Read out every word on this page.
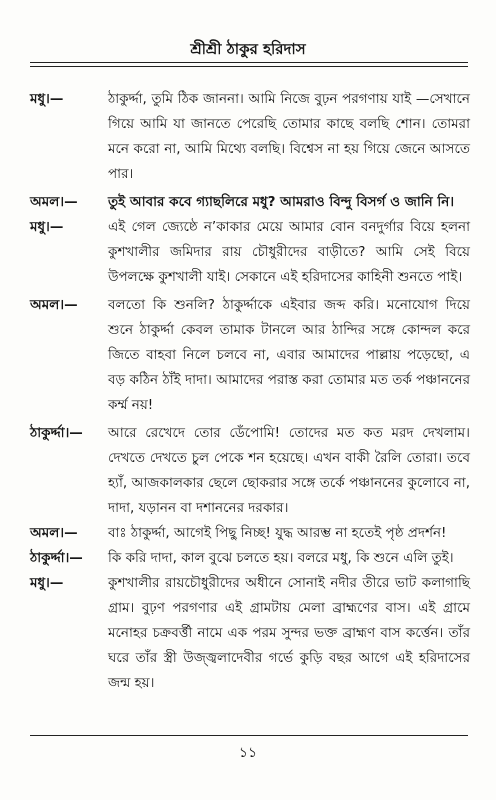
শ্রীশ্রী ঠাকুর হরিদাস
মধু।—	ঠাকুর্দ্দা, তুমি ঠিক জাননা। আমি নিজে বুঢ়ন পরগণায় যাই —সেখানে গিয়ে আমি যা জানতে পেরেছি তোমার কাছে বলছি শোন। তোমরা মনে করো না, আমি মিথ্যে বলছি। বিশ্বেস না হয় গিয়ে জেনে আসতে পার।
অমল।—	তুই আবার কবে গ্যাছলিরে মধু? আমরাও বিন্দু বিসর্গ ও জানি নি।
মধু।—	এই গেল জ্যেষ্ঠে ন’কাকার মেয়ে আমার বোন বনদুর্গার বিয়ে হলনা কুশখালীর জমিদার রায় চৌধুরীদের বাড়ীতে? আমি সেই বিয়ে উপলক্ষে কুশখালী যাই। সেকানে এই হরিদাসের কাহিনী শুনতে পাই।
অমল।—	বলতো কি শুনলি? ঠাকুর্দ্দাকে এইবার জব্দ করি। মনোযোগ দিয়ে শুনে ঠাকুর্দ্দা কেবল তামাক টানলে আর ঠান্দির সঙ্গে কোন্দল করে জিতে বাহবা নিলে চলবে না, এবার আমাদের পাল্লায় পড়েছো, এ বড় কঠিন ঠাঁই দাদা। আমাদের পরাস্ত করা তোমার মত তর্ক পঞ্চাননের কর্ম্ম নয়!
ঠাকুর্দ্দা।—	আরে রেখেদে তোর ডেঁপোমি! তোদের মত কত মরদ দেখলাম। দেখতে দেখতে চুল পেকে শন হয়েছে। এখন বাকী রৈলি তোরা। তবে হ্যাঁ, আজকালকার ছেলে ছোকরার সঙ্গে তর্কে পঞ্চাননের কুলোবে না, দাদা, যড়ানন বা দশাননের দরকার।
অমল।—	বাঃ ঠাকুর্দ্দা, আগেই পিছু নিচ্ছ! যুদ্ধ আরম্ভ না হতেই পৃষ্ঠ প্রদর্শন!
ঠাকুর্দ্দা।—	কি করি দাদা, কাল বুঝে চলতে হয়। বলরে মধু, কি শুনে এলি তুই।
মধু।—	কুশখালীর রায়চৌধুরীদের অধীনে সোনাই নদীর তীরে ভাট কলাগাছি গ্রাম। বুঢ়ণ পরগণার এই গ্রামটায় মেলা ব্রাহ্মণের বাস। এই গ্রামে মনোহর চক্রবর্ত্তী নামে এক পরম সুন্দর ভক্ত ব্রাহ্মণ বাস কর্ত্তেন। তাঁর ঘরে তাঁর স্ত্রী উজ্জ্বলাদেবীর গর্ভে কুড়ি বছর আগে এই হরিদাসের জন্ম হয়।
১১
